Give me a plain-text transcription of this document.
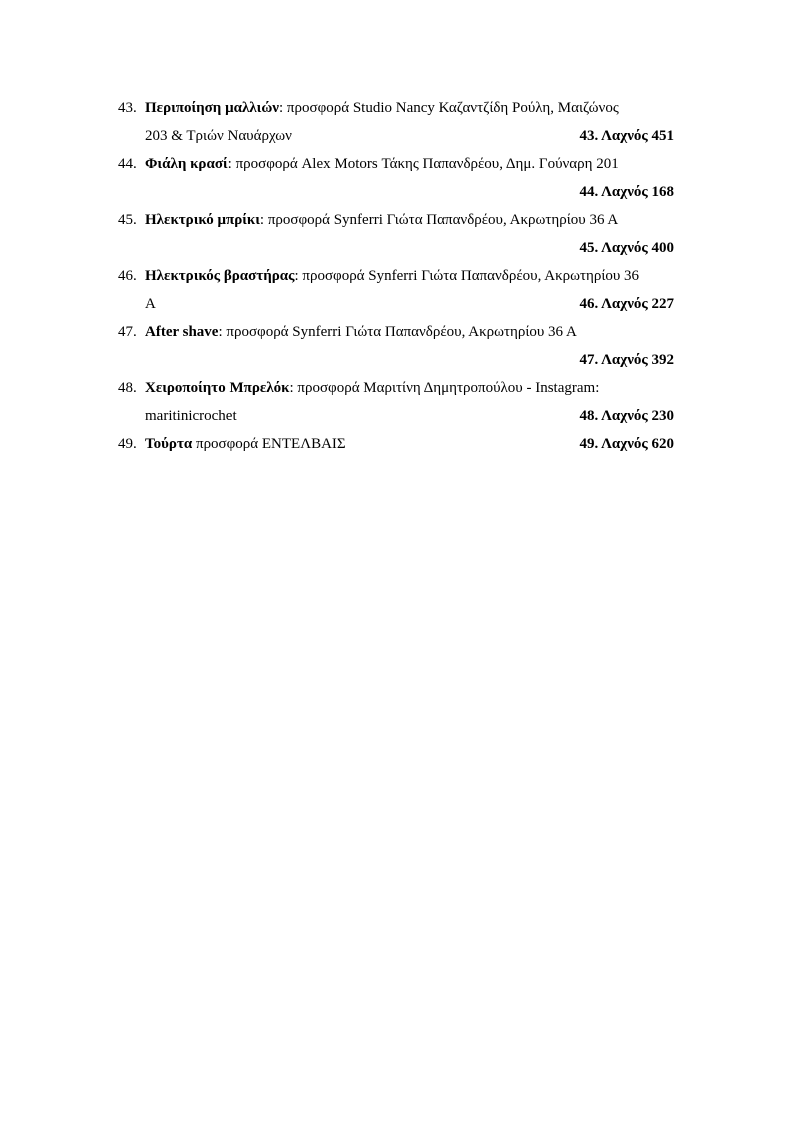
43. Περιποίηση μαλλιών: προσφορά Studio Nancy Καζαντζίδη Ρούλη, Μαιζώνος
203 & Τριών Ναυάρχων	43. Λαχνός 451
44. Φιάλη κρασί: προσφορά Alex Motors Τάκης Παπανδρέου, Δημ. Γούναρη 201
44. Λαχνός 168
45. Ηλεκτρικό μπρίκι: προσφορά Synferri Γιώτα Παπανδρέου, Ακρωτηρίου 36 Α
45. Λαχνός 400
46. Ηλεκτρικός βραστήρας: προσφορά Synferri Γιώτα Παπανδρέου, Ακρωτηρίου 36
Α	46. Λαχνός 227
47. After shave: προσφορά Synferri Γιώτα Παπανδρέου, Ακρωτηρίου 36 Α
47. Λαχνός 392
48. Χειροποίητο Μπρελόκ: προσφορά Μαριτίνη Δημητροπούλου - Instagram:
maritinicrochet	48. Λαχνός 230
49. Τούρτα προσφορά ΕΝΤΕΛΒΑΙΣ	49. Λαχνός 620
